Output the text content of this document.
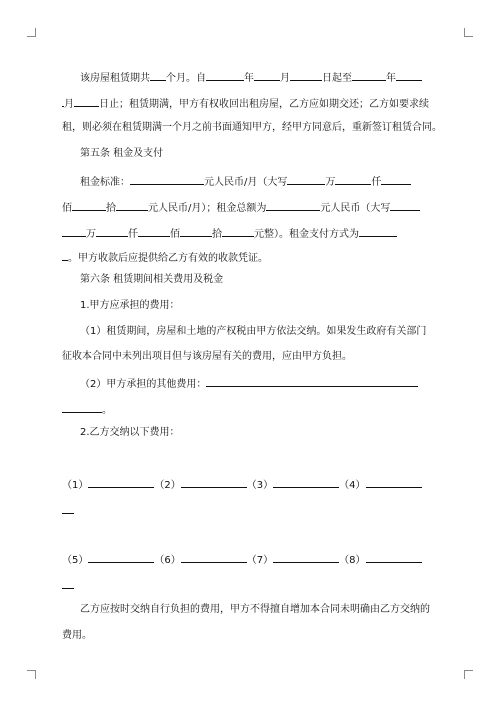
该房屋租赁期共 个月。自	年	月	日起至	年
月	日止；租赁期满，甲方有权收回出租房屋，乙方应如期交还；乙方如要求续
租，则必须在租赁期满一个月之前书面通知甲方，经甲方同意后，重新签订租赁合同。
第五条 租金及支付
租金标准：	元人民币/月（大写	万	仟
佰	拾	元人民币/月）；租金总额为	元人民币（大写
万	仟	佰	拾	元整）。租金支付方式为
。甲方收款后应提供给乙方有效的收款凭证。
第六条 租赁期间相关费用及税金
1.甲方应承担的费用：
（1）租赁期间，房屋和土地的产权税由甲方依法交纳。如果发生政府有关部门
征收本合同中未列出项目但与该房屋有关的费用，应由甲方负担。
（2）甲方承担的其他费用：
。
2.乙方交纳以下费用：
（1）	（2）	（3）	（4）
（5）	（6）	（7）	（8）
乙方应按时交纳自行负担的费用，甲方不得擅自增加本合同未明确由乙方交纳的
费用。
